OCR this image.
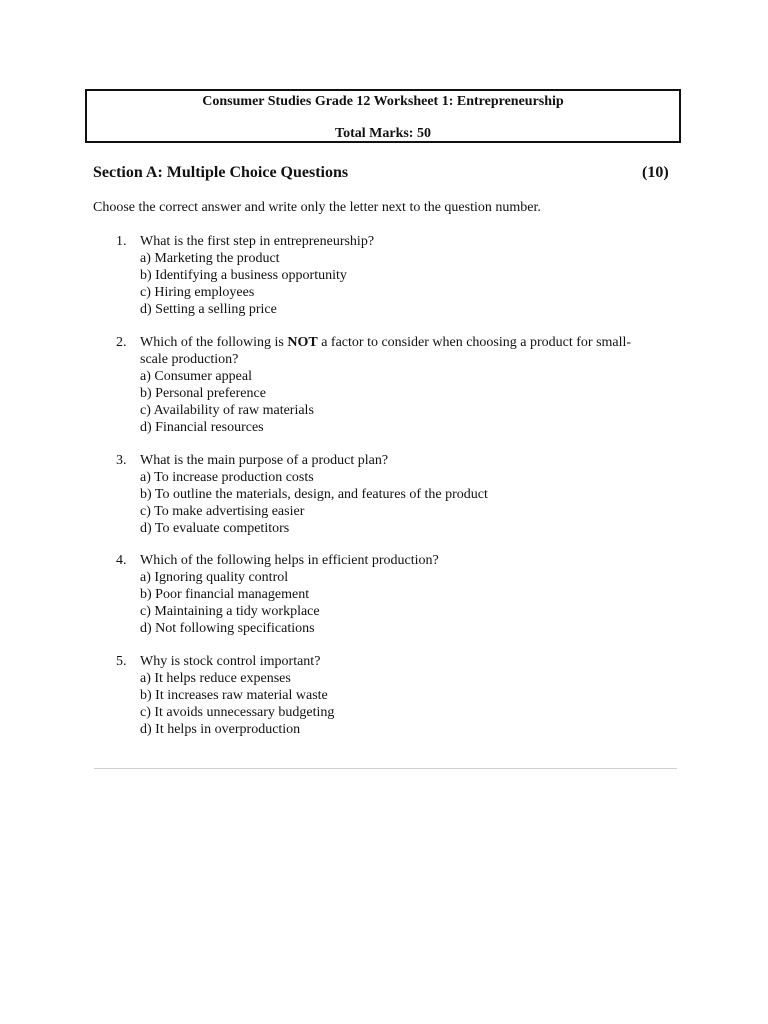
Consumer Studies Grade 12 Worksheet 1: Entrepreneurship
Total Marks: 50
Section A: Multiple Choice Questions	(10)
Choose the correct answer and write only the letter next to the question number.
1. What is the first step in entrepreneurship?
a) Marketing the product
b) Identifying a business opportunity
c) Hiring employees
d) Setting a selling price
2. Which of the following is NOT a factor to consider when choosing a product for small-scale production?
a) Consumer appeal
b) Personal preference
c) Availability of raw materials
d) Financial resources
3. What is the main purpose of a product plan?
a) To increase production costs
b) To outline the materials, design, and features of the product
c) To make advertising easier
d) To evaluate competitors
4. Which of the following helps in efficient production?
a) Ignoring quality control
b) Poor financial management
c) Maintaining a tidy workplace
d) Not following specifications
5. Why is stock control important?
a) It helps reduce expenses
b) It increases raw material waste
c) It avoids unnecessary budgeting
d) It helps in overproduction
